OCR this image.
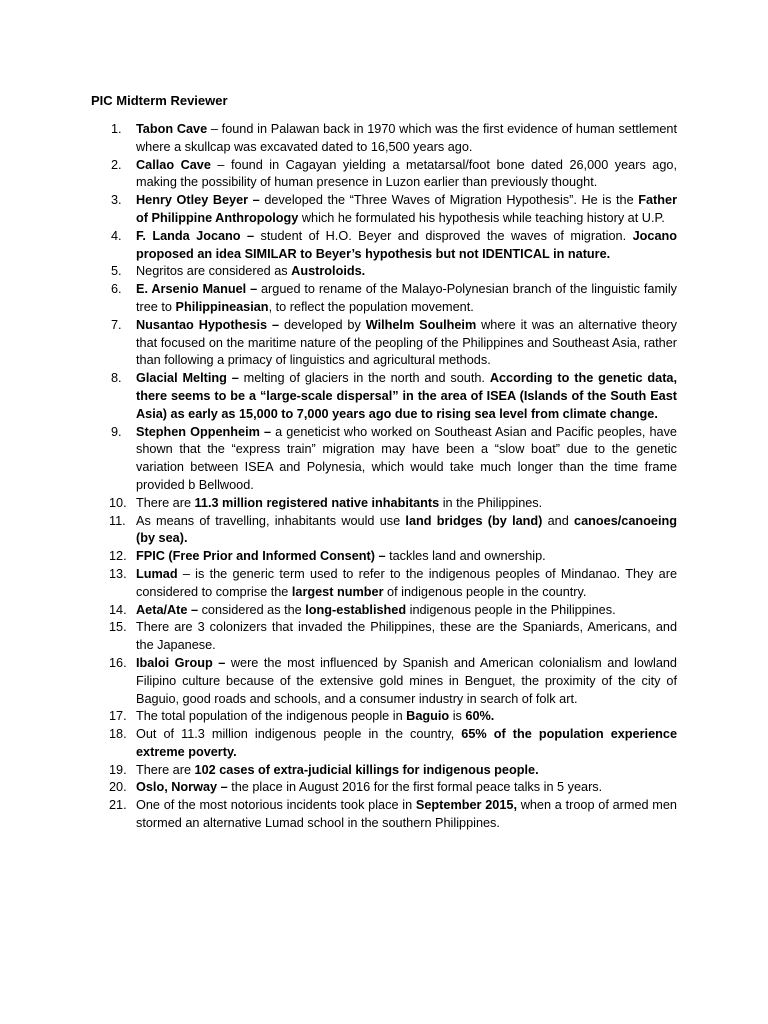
PIC Midterm Reviewer
1.	Tabon Cave – found in Palawan back in 1970 which was the first evidence of human settlement where a skullcap was excavated dated to 16,500 years ago.
2.	Callao Cave – found in Cagayan yielding a metatarsal/foot bone dated 26,000 years ago, making the possibility of human presence in Luzon earlier than previously thought.
3.	Henry Otley Beyer – developed the “Three Waves of Migration Hypothesis”. He is the Father of Philippine Anthropology which he formulated his hypothesis while teaching history at U.P.
4.	F. Landa Jocano – student of H.O. Beyer and disproved the waves of migration. Jocano proposed an idea SIMILAR to Beyer’s hypothesis but not IDENTICAL in nature.
5.	Negritos are considered as Austroloids.
6.	E. Arsenio Manuel – argued to rename of the Malayo-Polynesian branch of the linguistic family tree to Philippineasian, to reflect the population movement.
7.	Nusantao Hypothesis – developed by Wilhelm Soulheim where it was an alternative theory that focused on the maritime nature of the peopling of the Philippines and Southeast Asia, rather than following a primacy of linguistics and agricultural methods.
8.	Glacial Melting – melting of glaciers in the north and south. According to the genetic data, there seems to be a “large-scale dispersal” in the area of ISEA (Islands of the South East Asia) as early as 15,000 to 7,000 years ago due to rising sea level from climate change.
9.	Stephen Oppenheim – a geneticist who worked on Southeast Asian and Pacific peoples, have shown that the “express train” migration may have been a “slow boat” due to the genetic variation between ISEA and Polynesia, which would take much longer than the time frame provided b Bellwood.
10. There are 11.3 million registered native inhabitants in the Philippines.
11. As means of travelling, inhabitants would use land bridges (by land) and canoes/canoeing (by sea).
12. FPIC (Free Prior and Informed Consent) – tackles land and ownership.
13. Lumad – is the generic term used to refer to the indigenous peoples of Mindanao. They are considered to comprise the largest number of indigenous people in the country.
14. Aeta/Ate – considered as the long-established indigenous people in the Philippines.
15. There are 3 colonizers that invaded the Philippines, these are the Spaniards, Americans, and the Japanese.
16. Ibaloi Group – were the most influenced by Spanish and American colonialism and lowland Filipino culture because of the extensive gold mines in Benguet, the proximity of the city of Baguio, good roads and schools, and a consumer industry in search of folk art.
17. The total population of the indigenous people in Baguio is 60%.
18. Out of 11.3 million indigenous people in the country, 65% of the population experience extreme poverty.
19. There are 102 cases of extra-judicial killings for indigenous people.
20. Oslo, Norway – the place in August 2016 for the first formal peace talks in 5 years.
21. One of the most notorious incidents took place in September 2015, when a troop of armed men stormed an alternative Lumad school in the southern Philippines.
